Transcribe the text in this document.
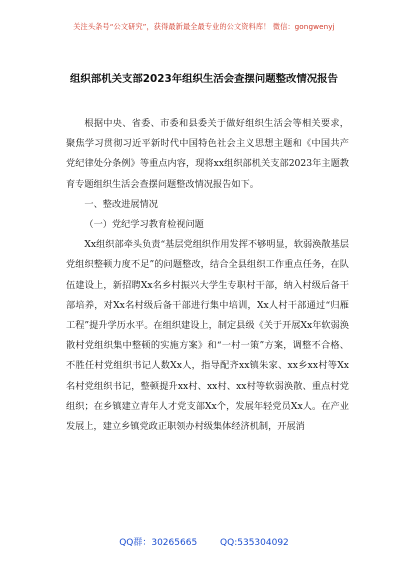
关注头条号“公文研究”，获得最新最全最专业的公文资料库！ 微信：gongwenyj
组织部机关支部2023年组织生活会查摆问题整改情况报告

根据中央、省委、市委和县委关于做好组织生活会等相关要求，聚焦学习贯彻习近平新时代中国特色社会主义思想主题和《中国共产党纪律处分条例》等重点内容，现将xx组织部机关支部2023年主题教育专题组织生活会查摆问题整改情况报告如下。

一、整改进展情况

（一）党纪学习教育检视问题

Xx组织部牵头负责“基层党组织作用发挥不够明显，软弱涣散基层党组织整顿力度不足”的问题整改，结合全县组织工作重点任务，在队伍建设上，新招聘Xx名乡村振兴大学生专职村干部，纳入村级后备干部培养，对Xx名村级后备干部进行集中培训，Xx人村干部通过“归雁工程”提升学历水平。在组织建设上，制定县级《关于开展Xx年软弱涣散村党组织集中整顿的实施方案》和“一村一策”方案，调整不合格、不胜任村党组织书记人数Xx人，指导配齐xx镇朱家、xx乡xx村等Xx名村党组织书记，整顿提升xx村、xx村、xx村等软弱涣散、重点村党组织；在乡镇建立青年人才党支部Xx个，发展年轻党员Xx人。在产业发展上，建立乡镇党政正职领办村级集体经济机制，开展消

QQ群：30265665	QQ:535304092
